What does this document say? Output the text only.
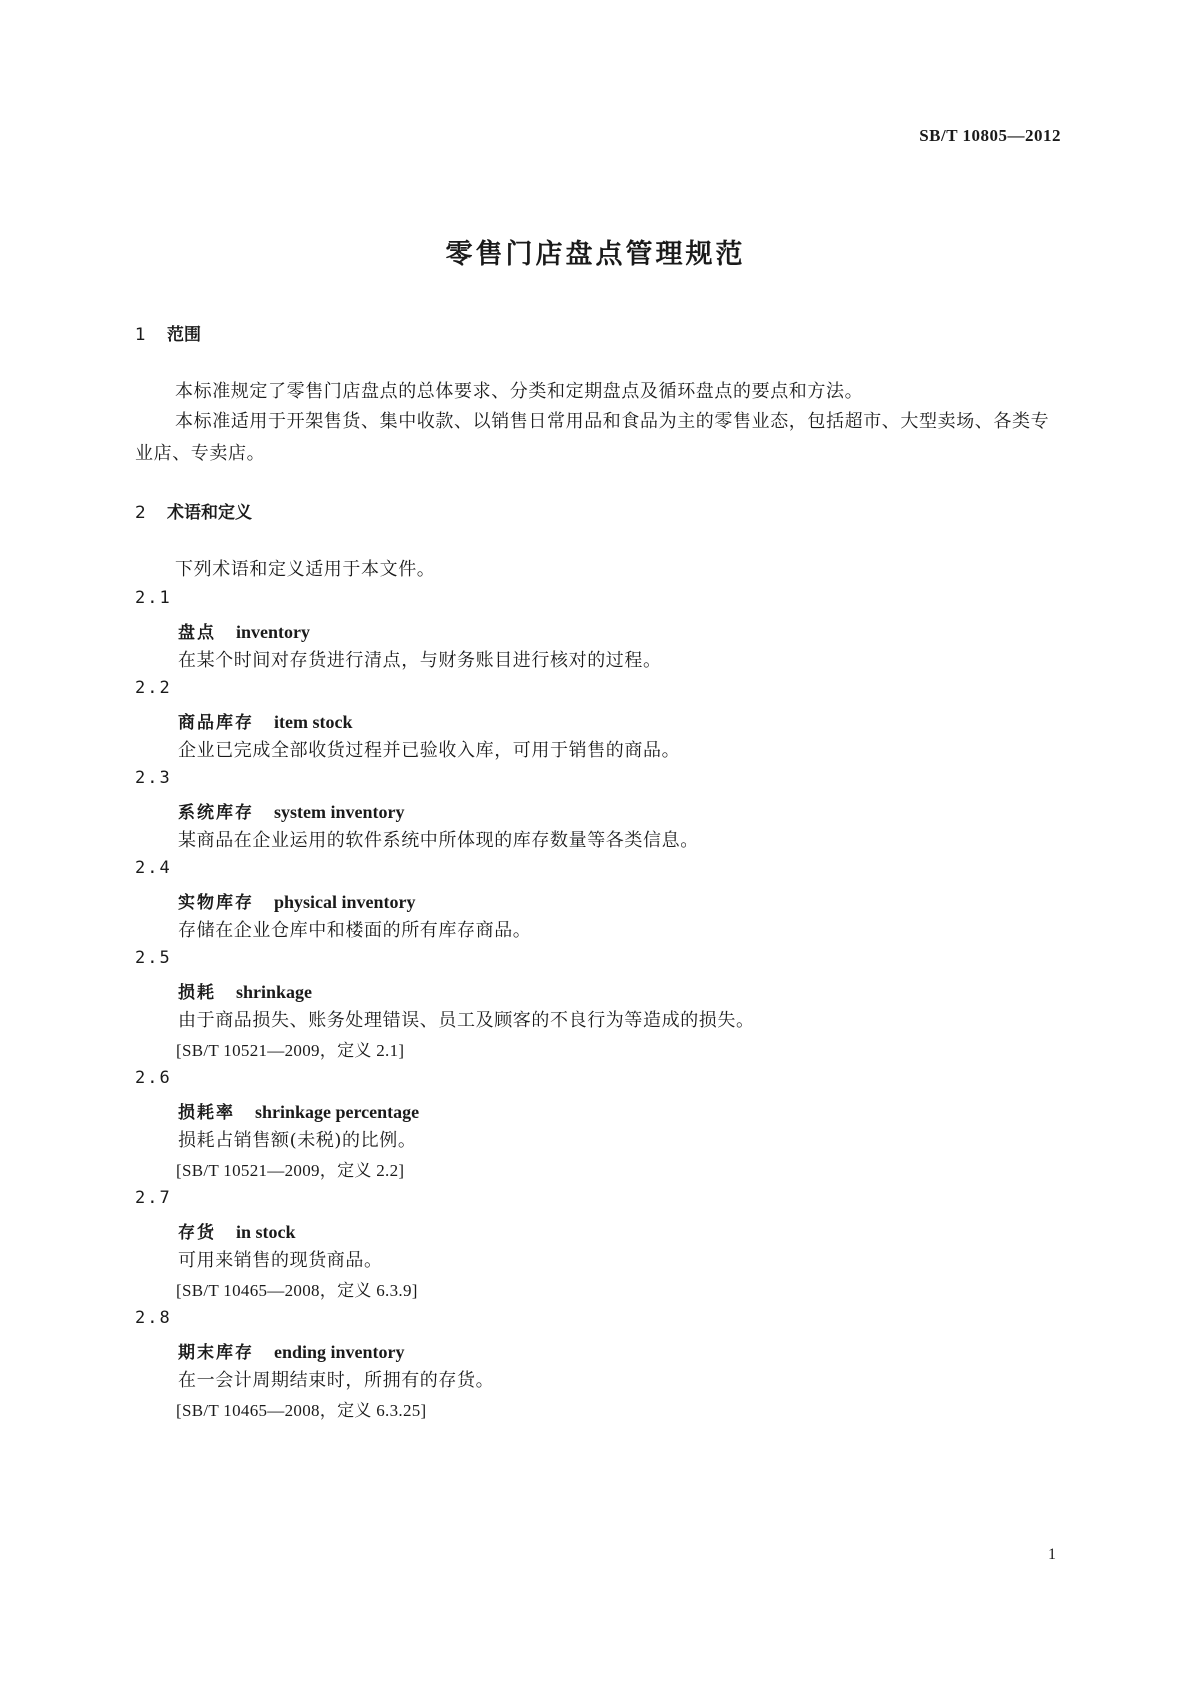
SB/T 10805—2012
零售门店盘点管理规范
1 范围
本标准规定了零售门店盘点的总体要求、分类和定期盘点及循环盘点的要点和方法。
本标准适用于开架售货、集中收款、以销售日常用品和食品为主的零售业态，包括超市、大型卖场、各类专业店、专卖店。
2 术语和定义
下列术语和定义适用于本文件。
2.1
盘点 inventory
在某个时间对存货进行清点，与财务账目进行核对的过程。
2.2
商品库存 item stock
企业已完成全部收货过程并已验收入库，可用于销售的商品。
2.3
系统库存 system inventory
某商品在企业运用的软件系统中所体现的库存数量等各类信息。
2.4
实物库存 physical inventory
存储在企业仓库中和楼面的所有库存商品。
2.5
损耗 shrinkage
由于商品损失、账务处理错误、员工及顾客的不良行为等造成的损失。
[SB/T 10521—2009，定义 2.1]
2.6
损耗率 shrinkage percentage
损耗占销售额(未税)的比例。
[SB/T 10521—2009，定义 2.2]
2.7
存货 in stock
可用来销售的现货商品。
[SB/T 10465—2008，定义 6.3.9]
2.8
期末库存 ending inventory
在一会计周期结束时，所拥有的存货。
[SB/T 10465—2008，定义 6.3.25]
1
